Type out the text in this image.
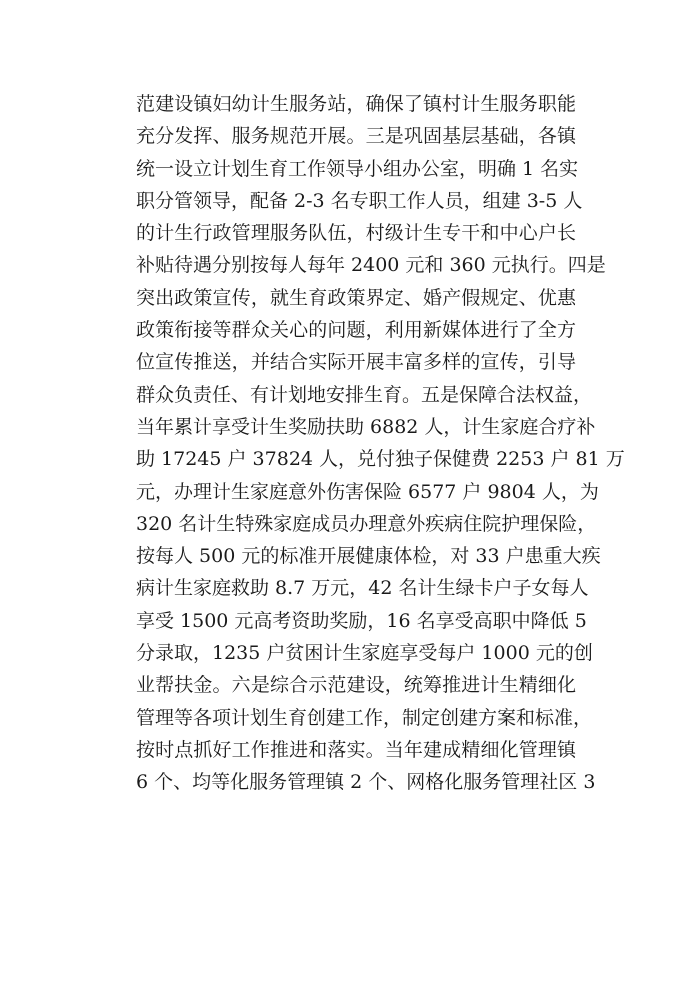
范建设镇妇幼计生服务站，确保了镇村计生服务职能
充分发挥、服务规范开展。三是巩固基层基础，各镇
统一设立计划生育工作领导小组办公室，明确 1 名实
职分管领导，配备 2-3 名专职工作人员，组建 3-5 人
的计生行政管理服务队伍，村级计生专干和中心户长
补贴待遇分别按每人每年 2400 元和 360 元执行。四是
突出政策宣传，就生育政策界定、婚产假规定、优惠
政策衔接等群众关心的问题，利用新媒体进行了全方
位宣传推送，并结合实际开展丰富多样的宣传，引导
群众负责任、有计划地安排生育。五是保障合法权益，
当年累计享受计生奖励扶助 6882 人，计生家庭合疗补
助 17245 户 37824 人，兑付独子保健费 2253 户 81 万
元，办理计生家庭意外伤害保险 6577 户 9804 人，为
320 名计生特殊家庭成员办理意外疾病住院护理保险，
按每人 500 元的标准开展健康体检，对 33 户患重大疾
病计生家庭救助 8.7 万元，42 名计生绿卡户子女每人
享受 1500 元高考资助奖励，16 名享受高职中降低 5
分录取，1235 户贫困计生家庭享受每户 1000 元的创
业帮扶金。六是综合示范建设，统筹推进计生精细化
管理等各项计划生育创建工作，制定创建方案和标准，
按时点抓好工作推进和落实。当年建成精细化管理镇
6 个、均等化服务管理镇 2 个、网格化服务管理社区 3
